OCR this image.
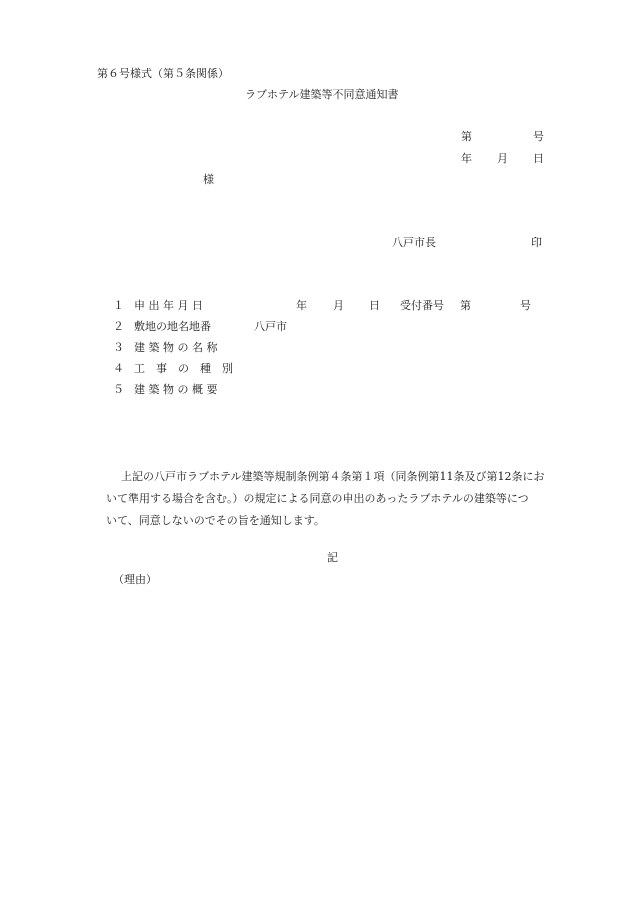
第６号様式（第５条関係）
ラブホテル建築等不同意通知書
第	号
年 月 日
様
八戸市長	印
１ 申 出 年 月 日	年 月 日 受付番号 第	号
２ 敷地の地名地番	八戸市
３ 建 築 物 の 名 称
４ 工　事　の　種　別
５ 建 築 物 の 概 要
上記の八戸市ラブホテル建築等規制条例第４条第１項（同条例第11条及び第12条にお
いて準用する場合を含む。）の規定による同意の申出のあったラブホテルの建築等につ
いて、同意しないのでその旨を通知します。
記
（理由）
